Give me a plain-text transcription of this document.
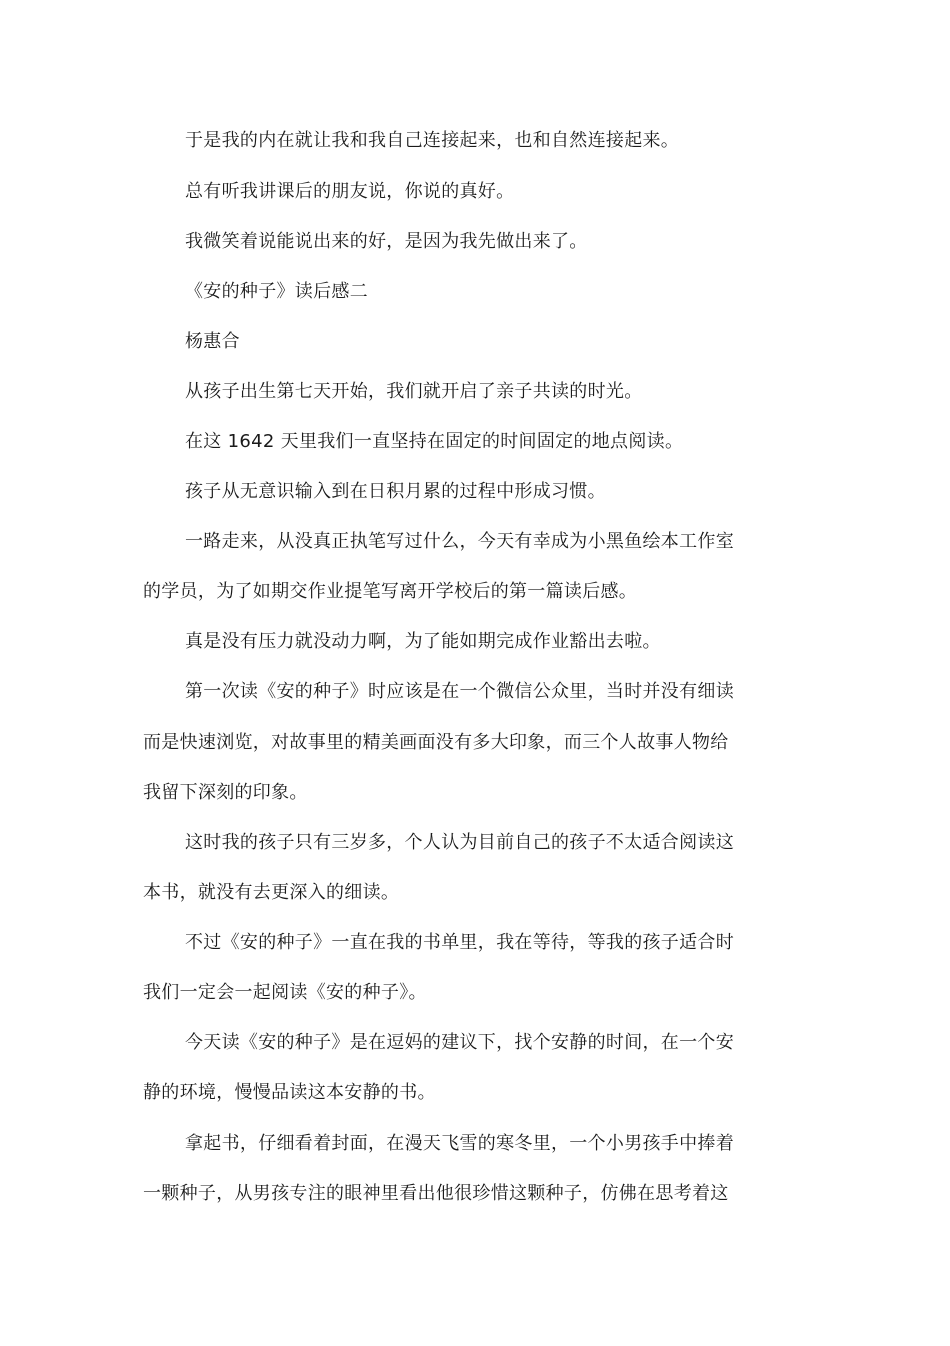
于是我的内在就让我和我自己连接起来，也和自然连接起来。
总有听我讲课后的朋友说，你说的真好。
我微笑着说能说出来的好，是因为我先做出来了。
《安的种子》读后感二
杨惠合
从孩子出生第七天开始，我们就开启了亲子共读的时光。
在这 1642 天里我们一直坚持在固定的时间固定的地点阅读。
孩子从无意识输入到在日积月累的过程中形成习惯。
一路走来，从没真正执笔写过什么，今天有幸成为小黑鱼绘本工作室
的学员，为了如期交作业提笔写离开学校后的第一篇读后感。
真是没有压力就没动力啊，为了能如期完成作业豁出去啦。
第一次读《安的种子》时应该是在一个微信公众里，当时并没有细读
而是快速浏览，对故事里的精美画面没有多大印象，而三个人故事人物给
我留下深刻的印象。
这时我的孩子只有三岁多，个人认为目前自己的孩子不太适合阅读这
本书，就没有去更深入的细读。
不过《安的种子》一直在我的书单里，我在等待，等我的孩子适合时
我们一定会一起阅读《安的种子》。
今天读《安的种子》是在逗妈的建议下，找个安静的时间，在一个安
静的环境，慢慢品读这本安静的书。
拿起书，仔细看着封面，在漫天飞雪的寒冬里，一个小男孩手中捧着
一颗种子，从男孩专注的眼神里看出他很珍惜这颗种子，仿佛在思考着这
